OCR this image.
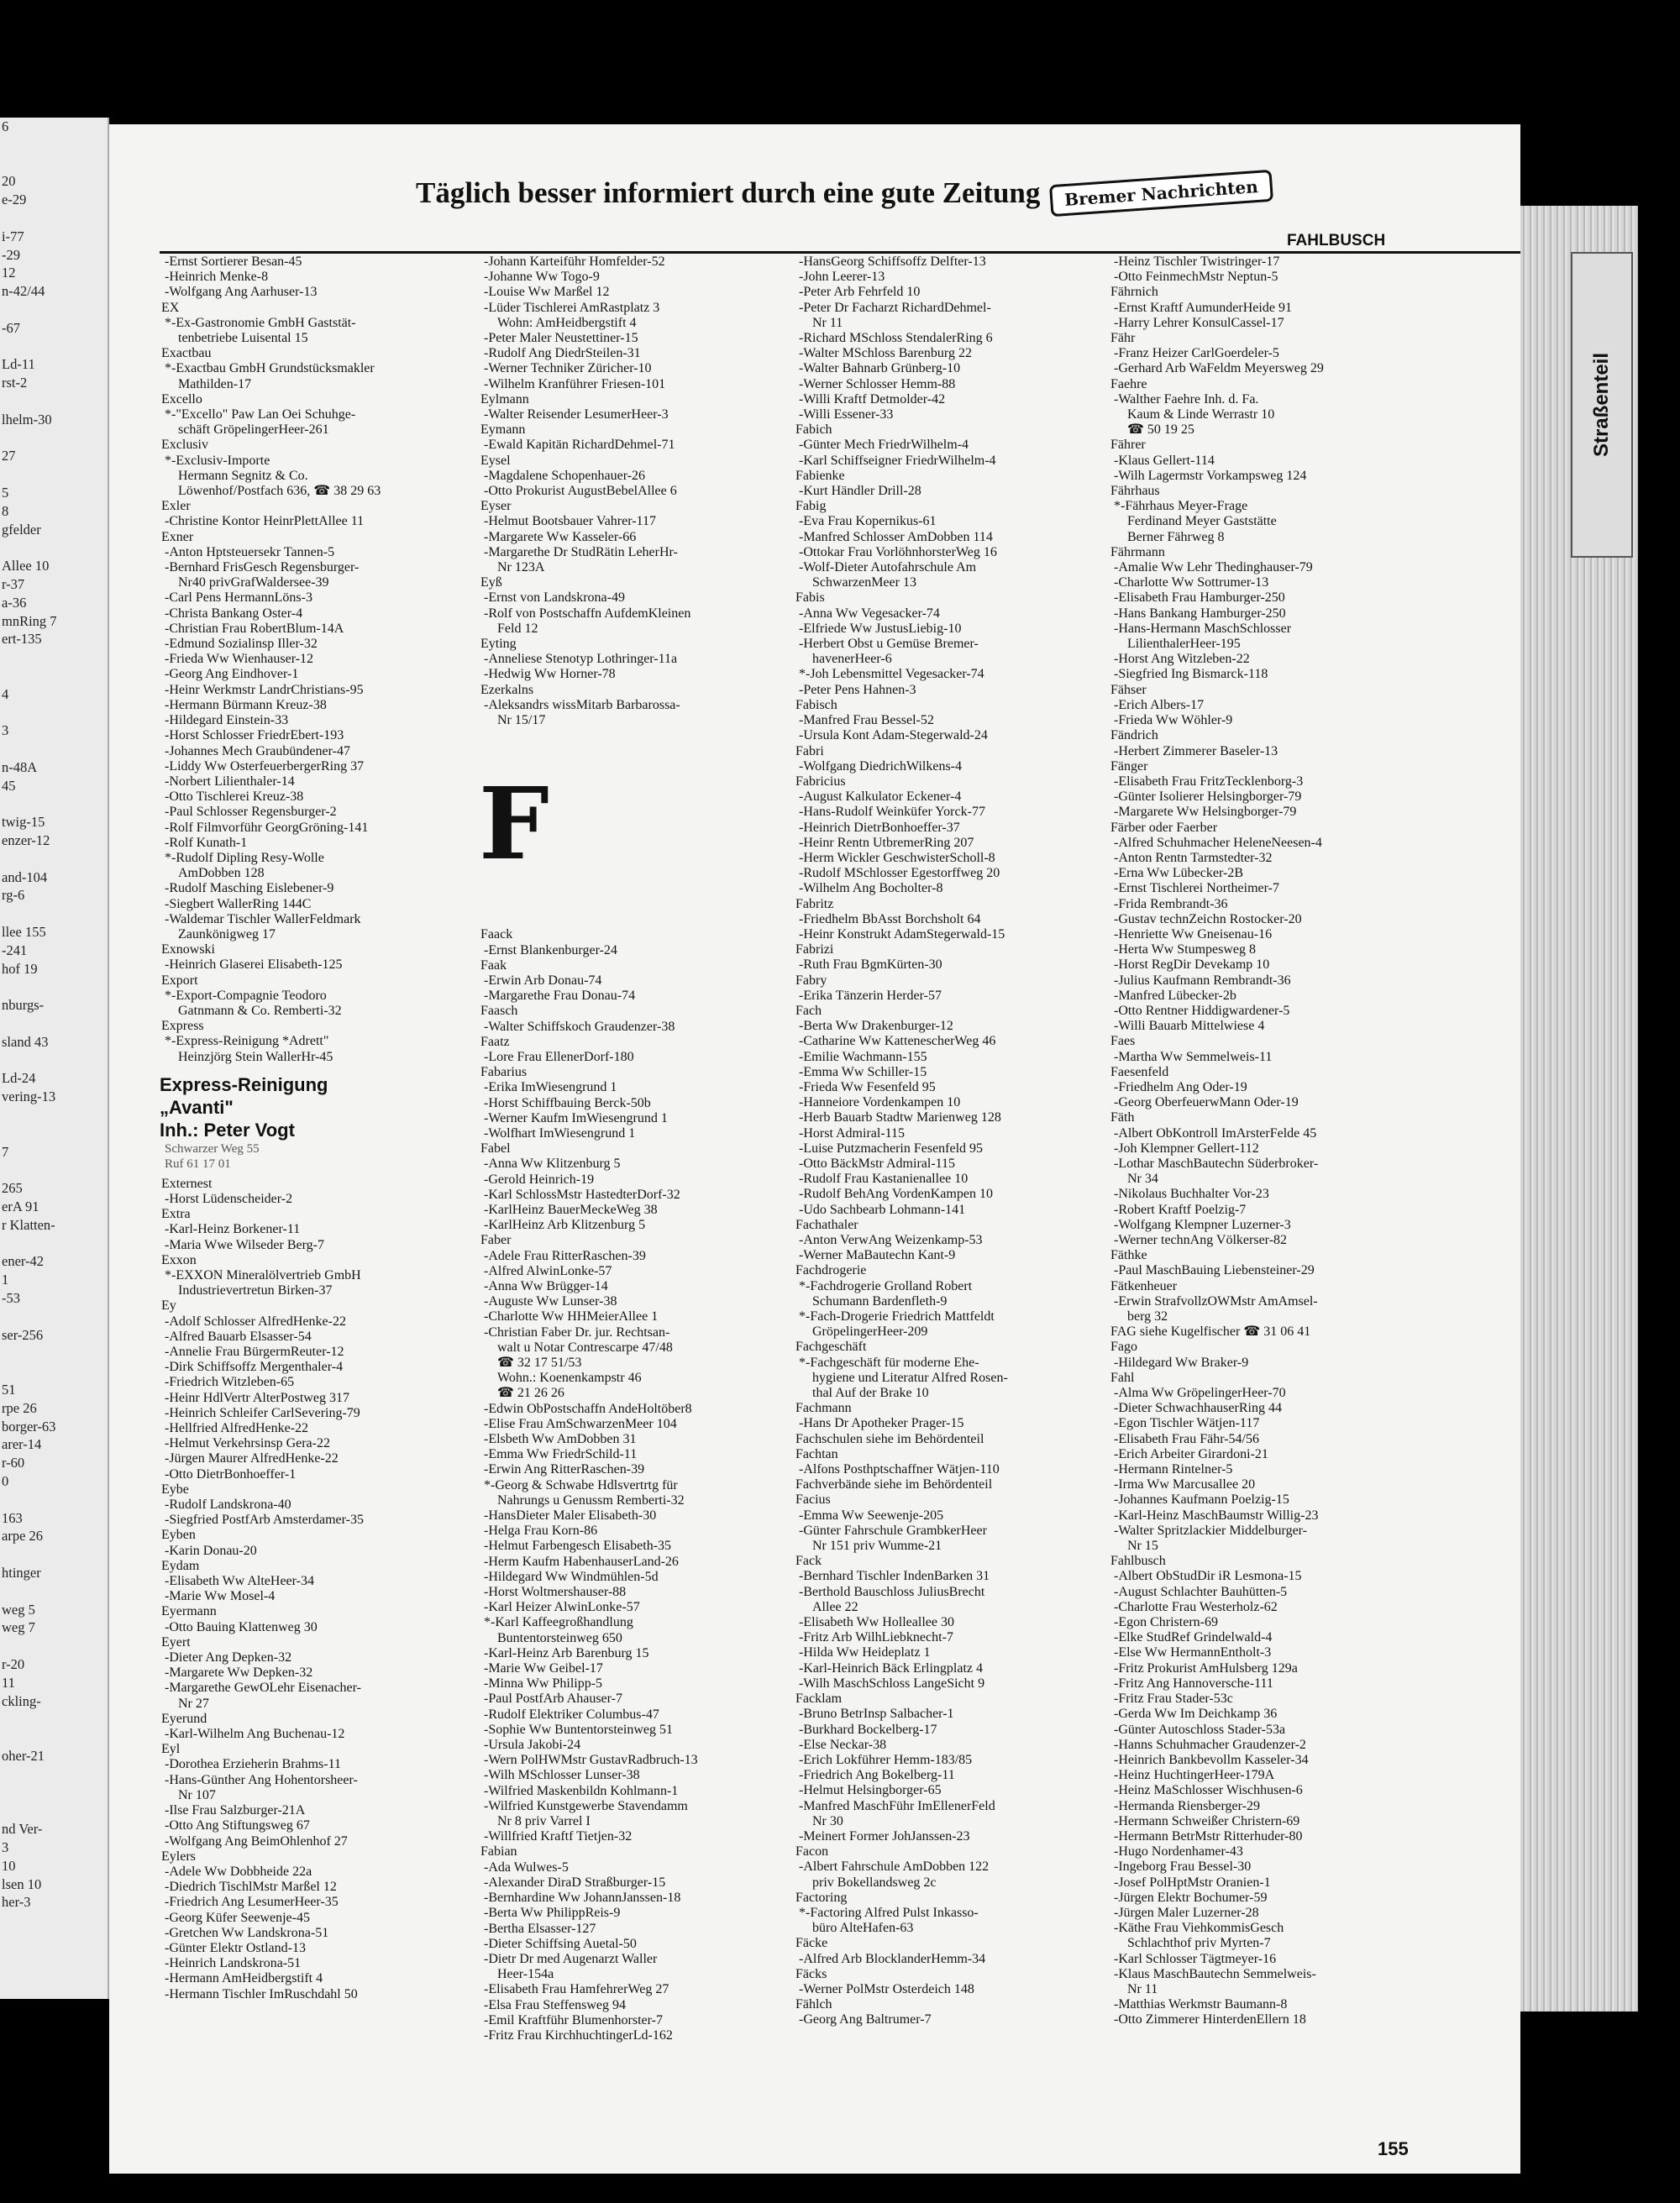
6

20
e-29

i-77
-29
12
n-42/44

-67

Ld-11
rst-2

lhelm-30

27

5
8
gfelder

Allee 10
r-37
a-36
mnRing 7
ert-135

4

3

n-48A
45

twig-15
enzer-12

and-104
rg-6

llee 155
-241
hof 19

nburgs-

sland 43

Ld-24
vering-13

7

265
erA 91
r Klatten-

ener-42
1
-53

ser-256

51
rpe 26
borger-63
arer-14
r-60
0

163
arpe 26

htinger

weg 5
weg 7

r-20
11
ckling-

oher-21

nd Ver-
3
10
lsen 10
her-3
Täglich besser informiert durch eine gute Zeitung	Bremer Nachrichten
FAHLBUSCH
-Ernst Sortierer Besan-45
-Heinrich Menke-8
-Wolfgang Ang Aarhuser-13
EX
*-Ex-Gastronomie GmbH Gaststät-
tenbetriebe Luisental 15
Exactbau
*-Exactbau GmbH Grundstücksmakler
Mathilden-17
Excello
*-"Excello" Paw Lan Oei Schuhge-
schäft GröpelingerHeer-261
Exclusiv
*-Exclusiv-Importe
Hermann Segnitz & Co.
Löwenhof/Postfach 636, ☎ 38 29 63
Exler
-Christine Kontor HeinrPlettAllee 11
Exner
-Anton Hptsteuersekr Tannen-5
-Bernhard FrisGesch Regensburger-
Nr40 privGrafWaldersee-39
-Carl Pens HermannLöns-3
-Christa Bankang Oster-4
-Christian Frau RobertBlum-14A
-Edmund Sozialinsp Iller-32
-Frieda Ww Wienhauser-12
-Georg Ang Eindhover-1
-Heinr Werkmstr LandrChristians-95
-Hermann Bürmann Kreuz-38
-Hildegard Einstein-33
-Horst Schlosser FriedrEbert-193
-Johannes Mech Graubündener-47
-Liddy Ww OsterfeuerbergerRing 37
-Norbert Lilienthaler-14
-Otto Tischlerei Kreuz-38
-Paul Schlosser Regensburger-2
-Rolf Filmvorführ GeorgGröning-141
-Rolf Kunath-1
*-Rudolf Dipling Resy-Wolle
AmDobben 128
-Rudolf Masching Eislebener-9
-Siegbert WallerRing 144C
-Waldemar Tischler WallerFeldmark
Zaunkönigweg 17
Exnowski
-Heinrich Glaserei Elisabeth-125
Export
*-Export-Compagnie Teodoro
Gatnmann & Co. Remberti-32
Express
*-Express-Reinigung *Adrett"
Heinzjörg Stein WallerHr-45
Express-Reinigung
„Avanti"
Inh.: Peter Vogt
Schwarzer Weg 55
Ruf 61 17 01
Externest
-Horst Lüdenscheider-2
Extra
-Karl-Heinz Borkener-11
-Maria Wwe Wilseder Berg-7
Exxon
*-EXXON Mineralölvertrieb GmbH
Industrievertretun Birken-37
Ey
-Adolf Schlosser AlfredHenke-22
-Alfred Bauarb Elsasser-54
-Annelie Frau BürgermReuter-12
-Dirk Schiffsoffz Mergenthaler-4
-Friedrich Witzleben-65
-Heinr HdlVertr AlterPostweg 317
-Heinrich Schleifer CarlSevering-79
-Hellfried AlfredHenke-22
-Helmut Verkehrsinsp Gera-22
-Jürgen Maurer AlfredHenke-22
-Otto DietrBonhoeffer-1
Eybe
-Rudolf Landskrona-40
-Siegfried PostfArb Amsterdamer-35
Eyben
-Karin Donau-20
Eydam
-Elisabeth Ww AlteHeer-34
-Marie Ww Mosel-4
Eyermann
-Otto Bauing Klattenweg 30
Eyert
-Dieter Ang Depken-32
-Margarete Ww Depken-32
-Margarethe GewOLehr Eisenacher-
Nr 27
Eyerund
-Karl-Wilhelm Ang Buchenau-12
Eyl
-Dorothea Erzieherin Brahms-11
-Hans-Günther Ang Hohentorsheer-
Nr 107
-Ilse Frau Salzburger-21A
-Otto Ang Stiftungsweg 67
-Wolfgang Ang BeimOhlenhof 27
Eylers
-Adele Ww Dobbheide 22a
-Diedrich TischlMstr Marßel 12
-Friedrich Ang LesumerHeer-35
-Georg Küfer Seewenje-45
-Gretchen Ww Landskrona-51
-Günter Elektr Ostland-13
-Heinrich Landskrona-51
-Hermann AmHeidbergstift 4
-Hermann Tischler ImRuschdahl 50
-Johann Karteiführ Homfelder-52
-Johanne Ww Togo-9
-Louise Ww Marßel 12
-Lüder Tischlerei AmRastplatz 3
Wohn: AmHeidbergstift 4
-Peter Maler Neustettiner-15
-Rudolf Ang DiedrSteilen-31
-Werner Techniker Züricher-10
-Wilhelm Kranführer Friesen-101
Eylmann
-Walter Reisender LesumerHeer-3
Eymann
-Ewald Kapitän RichardDehmel-71
Eysel
-Magdalene Schopenhauer-26
-Otto Prokurist AugustBebelAllee 6
Eyser
-Helmut Bootsbauer Vahrer-117
-Margarete Ww Kasseler-66
-Margarethe Dr StudRätin LeherHr-
Nr 123A
Eyß
-Ernst von Landskrona-49
-Rolf von Postschaffn AufdemKleinen
Feld 12
Eyting
-Anneliese Stenotyp Lothringer-11a
-Hedwig Ww Horner-78
Ezerkalns
-Aleksandrs wissMitarb Barbarossa-
Nr 15/17
F
Faack
-Ernst Blankenburger-24
Faak
-Erwin Arb Donau-74
-Margarethe Frau Donau-74
Faasch
-Walter Schiffskoch Graudenzer-38
Faatz
-Lore Frau EllenerDorf-180
Fabarius
-Erika ImWiesengrund 1
-Horst Schiffbauing Berck-50b
-Werner Kaufm ImWiesengrund 1
-Wolfhart ImWiesengrund 1
Fabel
-Anna Ww Klitzenburg 5
-Gerold Heinrich-19
-Karl SchlossMstr HastedterDorf-32
-KarlHeinz BauerMeckeWeg 38
-KarlHeinz Arb Klitzenburg 5
Faber
-Adele Frau RitterRaschen-39
-Alfred AlwinLonke-57
-Anna Ww Brügger-14
-Auguste Ww Lunser-38
-Charlotte Ww HHMeierAllee 1
-Christian Faber Dr. jur. Rechtsan-
walt u Notar Contrescarpe 47/48
☎ 32 17 51/53
Wohn.: Koenenkampstr 46
☎ 21 26 26
-Edwin ObPostschaffn AndeHoltöber8
-Elise Frau AmSchwarzenMeer 104
-Elsbeth Ww AmDobben 31
-Emma Ww FriedrSchild-11
-Erwin Ang RitterRaschen-39
*-Georg & Schwabe Hdlsvertrtg für
Nahrungs u Genussm Remberti-32
-HansDieter Maler Elisabeth-30
-Helga Frau Korn-86
-Helmut Farbengesch Elisabeth-35
-Herm Kaufm HabenhauserLand-26
-Hildegard Ww Windmühlen-5d
-Horst Woltmershauser-88
-Karl Heizer AlwinLonke-57
*-Karl Kaffeegroßhandlung
Buntentorsteinweg 650
-Karl-Heinz Arb Barenburg 15
-Marie Ww Geibel-17
-Minna Ww Philipp-5
-Paul PostfArb Ahauser-7
-Rudolf Elektriker Columbus-47
-Sophie Ww Buntentorsteinweg 51
-Ursula Jakobi-24
-Wern PolHWMstr GustavRadbruch-13
-Wilh MSchlosser Lunser-38
-Wilfried Maskenbildn Kohlmann-1
-Wilfried Kunstgewerbe Stavendamm
Nr 8 priv Varrel I
-Willfried Kraftf Tietjen-32
Fabian
-Ada Wulwes-5
-Alexander DiraD Straßburger-15
-Bernhardine Ww JohannJanssen-18
-Berta Ww PhilippReis-9
-Bertha Elsasser-127
-Dieter Schiffsing Auetal-50
-Dietr Dr med Augenarzt Waller
Heer-154a
-Elisabeth Frau HamfehrerWeg 27
-Elsa Frau Steffensweg 94
-Emil Kraftführ Blumenhorster-7
-Fritz Frau KirchhuchtingerLd-162
-HansGeorg Schiffsoffz Delfter-13
-John Leerer-13
-Peter Arb Fehrfeld 10
-Peter Dr Facharzt RichardDehmel-
Nr 11
-Richard MSchloss StendalerRing 6
-Walter MSchloss Barenburg 22
-Walter Bahnarb Grünberg-10
-Werner Schlosser Hemm-88
-Willi Kraftf Detmolder-42
-Willi Essener-33
Fabich
-Günter Mech FriedrWilhelm-4
-Karl Schiffseigner FriedrWilhelm-4
Fabienke
-Kurt Händler Drill-28
Fabig
-Eva Frau Kopernikus-61
-Manfred Schlosser AmDobben 114
-Ottokar Frau VorlöhnhorsterWeg 16
-Wolf-Dieter Autofahrschule Am
SchwarzenMeer 13
Fabis
-Anna Ww Vegesacker-74
-Elfriede Ww JustusLiebig-10
-Herbert Obst u Gemüse Bremer-
havenerHeer-6
*-Joh Lebensmittel Vegesacker-74
-Peter Pens Hahnen-3
Fabisch
-Manfred Frau Bessel-52
-Ursula Kont Adam-Stegerwald-24
Fabri
-Wolfgang DiedrichWilkens-4
Fabricius
-August Kalkulator Eckener-4
-Hans-Rudolf Weinküfer Yorck-77
-Heinrich DietrBonhoeffer-37
-Heinr Rentn UtbremerRing 207
-Herm Wickler GeschwisterScholl-8
-Rudolf MSchlosser Egestorffweg 20
-Wilhelm Ang Bocholter-8
Fabritz
-Friedhelm BbAsst Borchsholt 64
-Heinr Konstrukt AdamStegerwald-15
Fabrizi
-Ruth Frau BgmKürten-30
Fabry
-Erika Tänzerin Herder-57
Fach
-Berta Ww Drakenburger-12
-Catharine Ww KattenescherWeg 46
-Emilie Wachmann-155
-Emma Ww Schiller-15
-Frieda Ww Fesenfeld 95
-Hanneiore Vordenkampen 10
-Herb Bauarb Stadtw Marienweg 128
-Horst Admiral-115
-Luise Putzmacherin Fesenfeld 95
-Otto BäckMstr Admiral-115
-Rudolf Frau Kastanienallee 10
-Rudolf BehAng VordenKampen 10
-Udo Sachbearb Lohmann-141
Fachathaler
-Anton VerwAng Weizenkamp-53
-Werner MaBautechn Kant-9
Fachdrogerie
*-Fachdrogerie Grolland Robert
Schumann Bardenfleth-9
*-Fach-Drogerie Friedrich Mattfeldt
GröpelingerHeer-209
Fachgeschäft
*-Fachgeschäft für moderne Ehe-
hygiene und Literatur Alfred Rosen-
thal Auf der Brake 10
Fachmann
-Hans Dr Apotheker Prager-15
Fachschulen siehe im Behördenteil
Fachtan
-Alfons Posthptschaffner Wätjen-110
Fachverbände siehe im Behördenteil
Facius
-Emma Ww Seewenje-205
-Günter Fahrschule GrambkerHeer
Nr 151 priv Wumme-21
Fack
-Bernhard Tischler IndenBarken 31
-Berthold Bauschloss JuliusBrecht
Allee 22
-Elisabeth Ww Holleallee 30
-Fritz Arb WilhLiebknecht-7
-Hilda Ww Heideplatz 1
-Karl-Heinrich Bäck Erlingplatz 4
-Wilh MaschSchloss LangeSicht 9
Facklam
-Bruno BetrInsp Salbacher-1
-Burkhard Bockelberg-17
-Else Neckar-38
-Erich Lokführer Hemm-183/85
-Friedrich Ang Bokelberg-11
-Helmut Helsingborger-65
-Manfred MaschFühr ImEllenerFeld
Nr 30
-Meinert Former JohJanssen-23
Facon
-Albert Fahrschule AmDobben 122
priv Bokellandsweg 2c
Factoring
*-Factoring Alfred Pulst Inkasso-
büro AlteHafen-63
Fäcke
-Alfred Arb BlocklanderHemm-34
Fäcks
-Werner PolMstr Osterdeich 148
Fählch
-Georg Ang Baltrumer-7
-Heinz Tischler Twistringer-17
-Otto FeinmechMstr Neptun-5
Fährnich
-Ernst Kraftf AumunderHeide 91
-Harry Lehrer KonsulCassel-17
Fähr
-Franz Heizer CarlGoerdeler-5
-Gerhard Arb WaFeldm Meyersweg 29
Faehre
-Walther Faehre Inh. d. Fa.
Kaum & Linde Werrastr 10
☎ 50 19 25
Fährer
-Klaus Gellert-114
-Wilh Lagermstr Vorkampsweg 124
Fährhaus
*-Fährhaus Meyer-Frage
Ferdinand Meyer Gaststätte
Berner Fährweg 8
Fährmann
-Amalie Ww Lehr Thedinghauser-79
-Charlotte Ww Sottrumer-13
-Elisabeth Frau Hamburger-250
-Hans Bankang Hamburger-250
-Hans-Hermann MaschSchlosser
LilienthalerHeer-195
-Horst Ang Witzleben-22
-Siegfried Ing Bismarck-118
Fähser
-Erich Albers-17
-Frieda Ww Wöhler-9
Fändrich
-Herbert Zimmerer Baseler-13
Fänger
-Elisabeth Frau FritzTecklenborg-3
-Günter Isolierer Helsingborger-79
-Margarete Ww Helsingborger-79
Färber oder Faerber
-Alfred Schuhmacher HeleneNeesen-4
-Anton Rentn Tarmstedter-32
-Erna Ww Lübecker-2B
-Ernst Tischlerei Northeimer-7
-Frida Rembrandt-36
-Gustav technZeichn Rostocker-20
-Henriette Ww Gneisenau-16
-Herta Ww Stumpesweg 8
-Horst RegDir Devekamp 10
-Julius Kaufmann Rembrandt-36
-Manfred Lübecker-2b
-Otto Rentner Hiddigwardener-5
-Willi Bauarb Mittelwiese 4
Faes
-Martha Ww Semmelweis-11
Faesenfeld
-Friedhelm Ang Oder-19
-Georg OberfeuerwMann Oder-19
Fäth
-Albert ObKontroll ImArsterFelde 45
-Joh Klempner Gellert-112
-Lothar MaschBautechn Süderbroker-
Nr 34
-Nikolaus Buchhalter Vor-23
-Robert Kraftf Poelzig-7
-Wolfgang Klempner Luzerner-3
-Werner technAng Völkerser-82
Fäthke
-Paul MaschBauing Liebensteiner-29
Fätkenheuer
-Erwin StrafvollzOWMstr AmAmsel-
berg 32
FAG siehe Kugelfischer ☎ 31 06 41
Fago
-Hildegard Ww Braker-9
Fahl
-Alma Ww GröpelingerHeer-70
-Dieter SchwachhauserRing 44
-Egon Tischler Wätjen-117
-Elisabeth Frau Fähr-54/56
-Erich Arbeiter Girardoni-21
-Hermann Rintelner-5
-Irma Ww Marcusallee 20
-Johannes Kaufmann Poelzig-15
-Karl-Heinz MaschBaumstr Willig-23
-Walter Spritzlackier Middelburger-
Nr 15
Fahlbusch
-Albert ObStudDir iR Lesmona-15
-August Schlachter Bauhütten-5
-Charlotte Frau Westerholz-62
-Egon Christern-69
-Elke StudRef Grindelwald-4
-Else Ww HermannEntholt-3
-Fritz Prokurist AmHulsberg 129a
-Fritz Ang Hannoversche-111
-Fritz Frau Stader-53c
-Gerda Ww Im Deichkamp 36
-Günter Autoschloss Stader-53a
-Hanns Schuhmacher Graudenzer-2
-Heinrich Bankbevollm Kasseler-34
-Heinz HuchtingerHeer-179A
-Heinz MaSchlosser Wischhusen-6
-Hermanda Riensberger-29
-Hermann Schweißer Christern-69
-Hermann BetrMstr Ritterhuder-80
-Hugo Nordenhamer-43
-Ingeborg Frau Bessel-30
-Josef PolHptMstr Oranien-1
-Jürgen Elektr Bochumer-59
-Jürgen Maler Luzerner-28
-Käthe Frau ViehkommisGesch
Schlachthof priv Myrten-7
-Karl Schlosser Tägtmeyer-16
-Klaus MaschBautechn Semmelweis-
Nr 11
-Matthias Werkmstr Baumann-8
-Otto Zimmerer HinterdenEllern 18
155
Straßenteil
